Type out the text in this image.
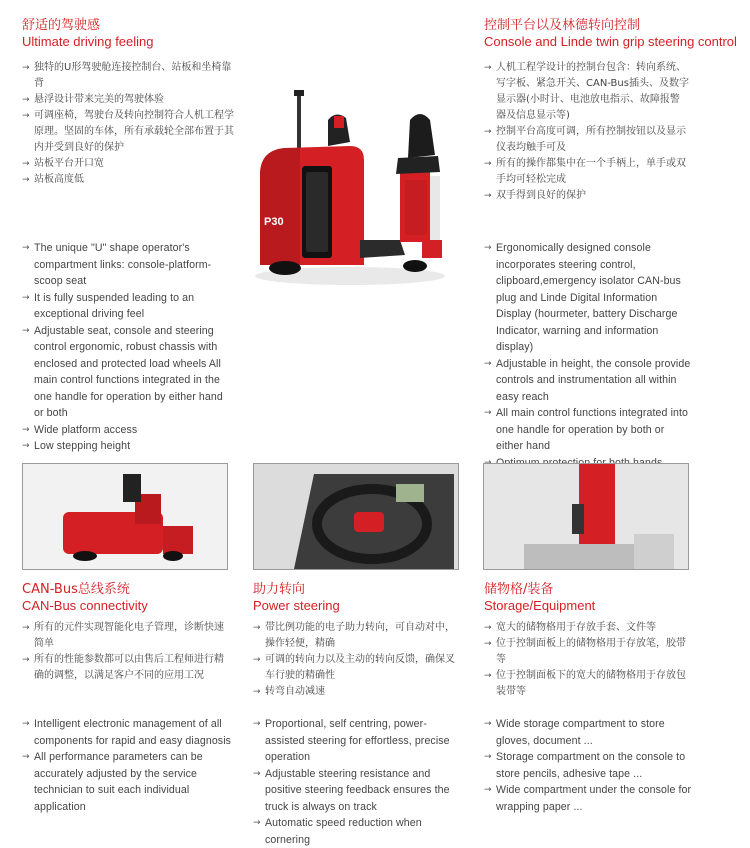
舒适的驾驶感
Ultimate driving feeling
→ 独特的U形驾驶舱连接控制台、站板和坐椅靠背
→ 悬浮设计带来完美的驾驶体验
→ 可调座椅，驾驶台及转向控制符合人机工程学原理。坚固的车体，所有承载轮全部布置于其内并受到良好的保护
→ 站板平台开口宽
→ 站板高度低
→ The unique "U" shape operator's compartment links: console-platform-scoop seat
→ It is fully suspended leading to an exceptional driving feel
→ Adjustable seat, console and steering control ergonomic, robust chassis with enclosed and protected load wheels All main control functions integrated in the one handle for operation by either hand or both
→ Wide platform access
→ Low stepping height
P30
控制平台以及林德转向控制
Console and Linde twin grip steering control
→ 人机工程学设计的控制台包含：转向系统、写字板、紧急开关、CAN-Bus插头、及数字显示器(小时计、电池放电指示、故障报警器及信息显示等)
→ 控制平台高度可调，所有控制按钮以及显示仪表均触手可及
→ 所有的操作都集中在一个手柄上，单手或双手均可轻松完成
→ 双手得到良好的保护
→ Ergonomically designed console incorporates steering control, clipboard,emergency isolator CAN-bus plug and Linde Digital Information Display (hourmeter, battery Discharge Indicator, warning and information display)
→ Adjustable in height, the console provide controls and instrumentation all within easy reach
→ All main control functions integrated into one handle for operation by both or either hand
CAN-Bus总线系统
CAN-Bus connectivity
→ 所有的元件实现智能化电子管理，诊断快速简单
→ 所有的性能参数都可以由售后工程师进行精确的调整，以满足客户不同的应用工况
→ Intelligent electronic management of all components for rapid and easy diagnosis
→ All performance parameters can be accurately adjusted by the service technician to suit each individual application
助力转向
Power steering
→ 带比例功能的电子助力转向，可自动对中，操作轻便，精确
→ 可调的转向力以及主动的转向反馈，确保叉车行驶的精确性
→ 转弯自动减速
→ Proportional, self centring, power-assisted steering for effortless, precise operation
→ Adjustable steering resistance and positive steering feedback ensures the truck is always on track
→ Automatic speed reduction when cornering
储物格/装备
Storage/Equipment
→ 宽大的储物格用于存放手套、文件等
→ 位于控制面板上的储物格用于存放笔，胶带等
→ 位于控制面板下的宽大的储物格用于存放包装带等
→ Wide storage compartment to store gloves, document ...
→ Storage compartment on the console to store pencils, adhesive tape ...
→ Wide compartment under the console for wrapping paper ...
